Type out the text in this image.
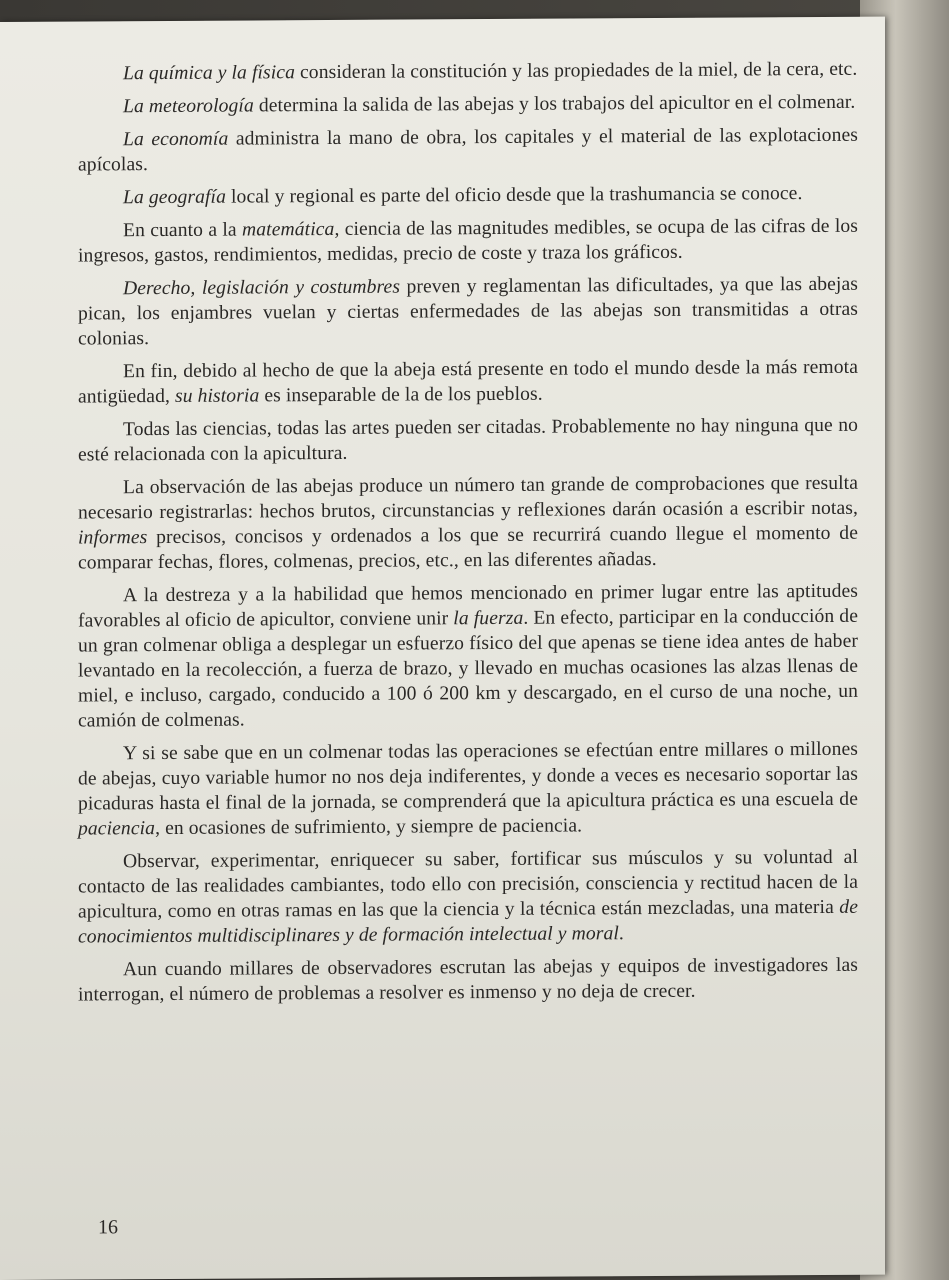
La química y la física consideran la constitución y las propiedades de la miel, de la cera, etc.

La meteorología determina la salida de las abejas y los trabajos del apicultor en el colmenar.

La economía administra la mano de obra, los capitales y el material de las explotaciones apícolas.

La geografía local y regional es parte del oficio desde que la trashumancia se conoce.

En cuanto a la matemática, ciencia de las magnitudes medibles, se ocupa de las cifras de los ingresos, gastos, rendimientos, medidas, precio de coste y traza los gráficos.

Derecho, legislación y costumbres preven y reglamentan las dificultades, ya que las abejas pican, los enjambres vuelan y ciertas enfermedades de las abejas son transmitidas a otras colonias.

En fin, debido al hecho de que la abeja está presente en todo el mundo desde la más remota antigüedad, su historia es inseparable de la de los pueblos.

Todas las ciencias, todas las artes pueden ser citadas. Probablemente no hay ninguna que no esté relacionada con la apicultura.

La observación de las abejas produce un número tan grande de comprobaciones que resulta necesario registrarlas: hechos brutos, circunstancias y reflexiones darán ocasión a escribir notas, informes precisos, concisos y ordenados a los que se recurrirá cuando llegue el momento de comparar fechas, flores, colmenas, precios, etc., en las diferentes añadas.

A la destreza y a la habilidad que hemos mencionado en primer lugar entre las aptitudes favorables al oficio de apicultor, conviene unir la fuerza. En efecto, participar en la conducción de un gran colmenar obliga a desplegar un esfuerzo físico del que apenas se tiene idea antes de haber levantado en la recolección, a fuerza de brazo, y llevado en muchas ocasiones las alzas llenas de miel, e incluso, cargado, conducido a 100 ó 200 km y descargado, en el curso de una noche, un camión de colmenas.

Y si se sabe que en un colmenar todas las operaciones se efectúan entre millares o millones de abejas, cuyo variable humor no nos deja indiferentes, y donde a veces es necesario soportar las picaduras hasta el final de la jornada, se comprenderá que la apicultura práctica es una escuela de paciencia, en ocasiones de sufrimiento, y siempre de paciencia.

Observar, experimentar, enriquecer su saber, fortificar sus músculos y su voluntad al contacto de las realidades cambiantes, todo ello con precisión, consciencia y rectitud hacen de la apicultura, como en otras ramas en las que la ciencia y la técnica están mezcladas, una materia de conocimientos multidisciplinares y de formación intelectual y moral.

Aun cuando millares de observadores escrutan las abejas y equipos de investigadores las interrogan, el número de problemas a resolver es inmenso y no deja de crecer.

16
